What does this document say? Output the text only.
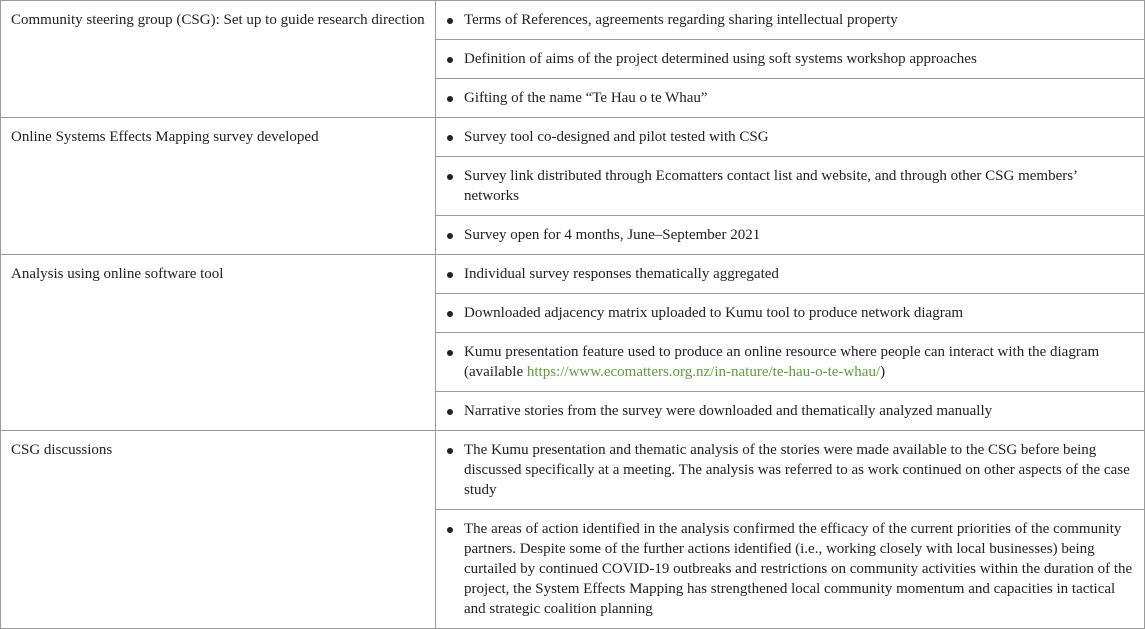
Community steering group (CSG): Set up to guide research direction	Terms of References, agreements regarding sharing intellectual property
Definition of aims of the project determined using soft systems workshop approaches
Gifting of the name “Te Hau o te Whau”

Online Systems Effects Mapping survey developed	Survey tool co-designed and pilot tested with CSG
Survey link distributed through Ecomatters contact list and website, and through other CSG members’ networks
Survey open for 4 months, June–September 2021

Analysis using online software tool	Individual survey responses thematically aggregated
Downloaded adjacency matrix uploaded to Kumu tool to produce network diagram
Kumu presentation feature used to produce an online resource where people can interact with the diagram (available https://www.ecomatters.org.nz/in-nature/te-hau-o-te-whau/)
Narrative stories from the survey were downloaded and thematically analyzed manually

CSG discussions	The Kumu presentation and thematic analysis of the stories were made available to the CSG before being discussed specifically at a meeting. The analysis was referred to as work continued on other aspects of the case study
The areas of action identified in the analysis confirmed the efficacy of the current priorities of the community partners. Despite some of the further actions identified (i.e., working closely with local businesses) being curtailed by continued COVID-19 outbreaks and restrictions on community activities within the duration of the project, the System Effects Mapping has strengthened local community momentum and capacities in tactical and strategic coalition planning
